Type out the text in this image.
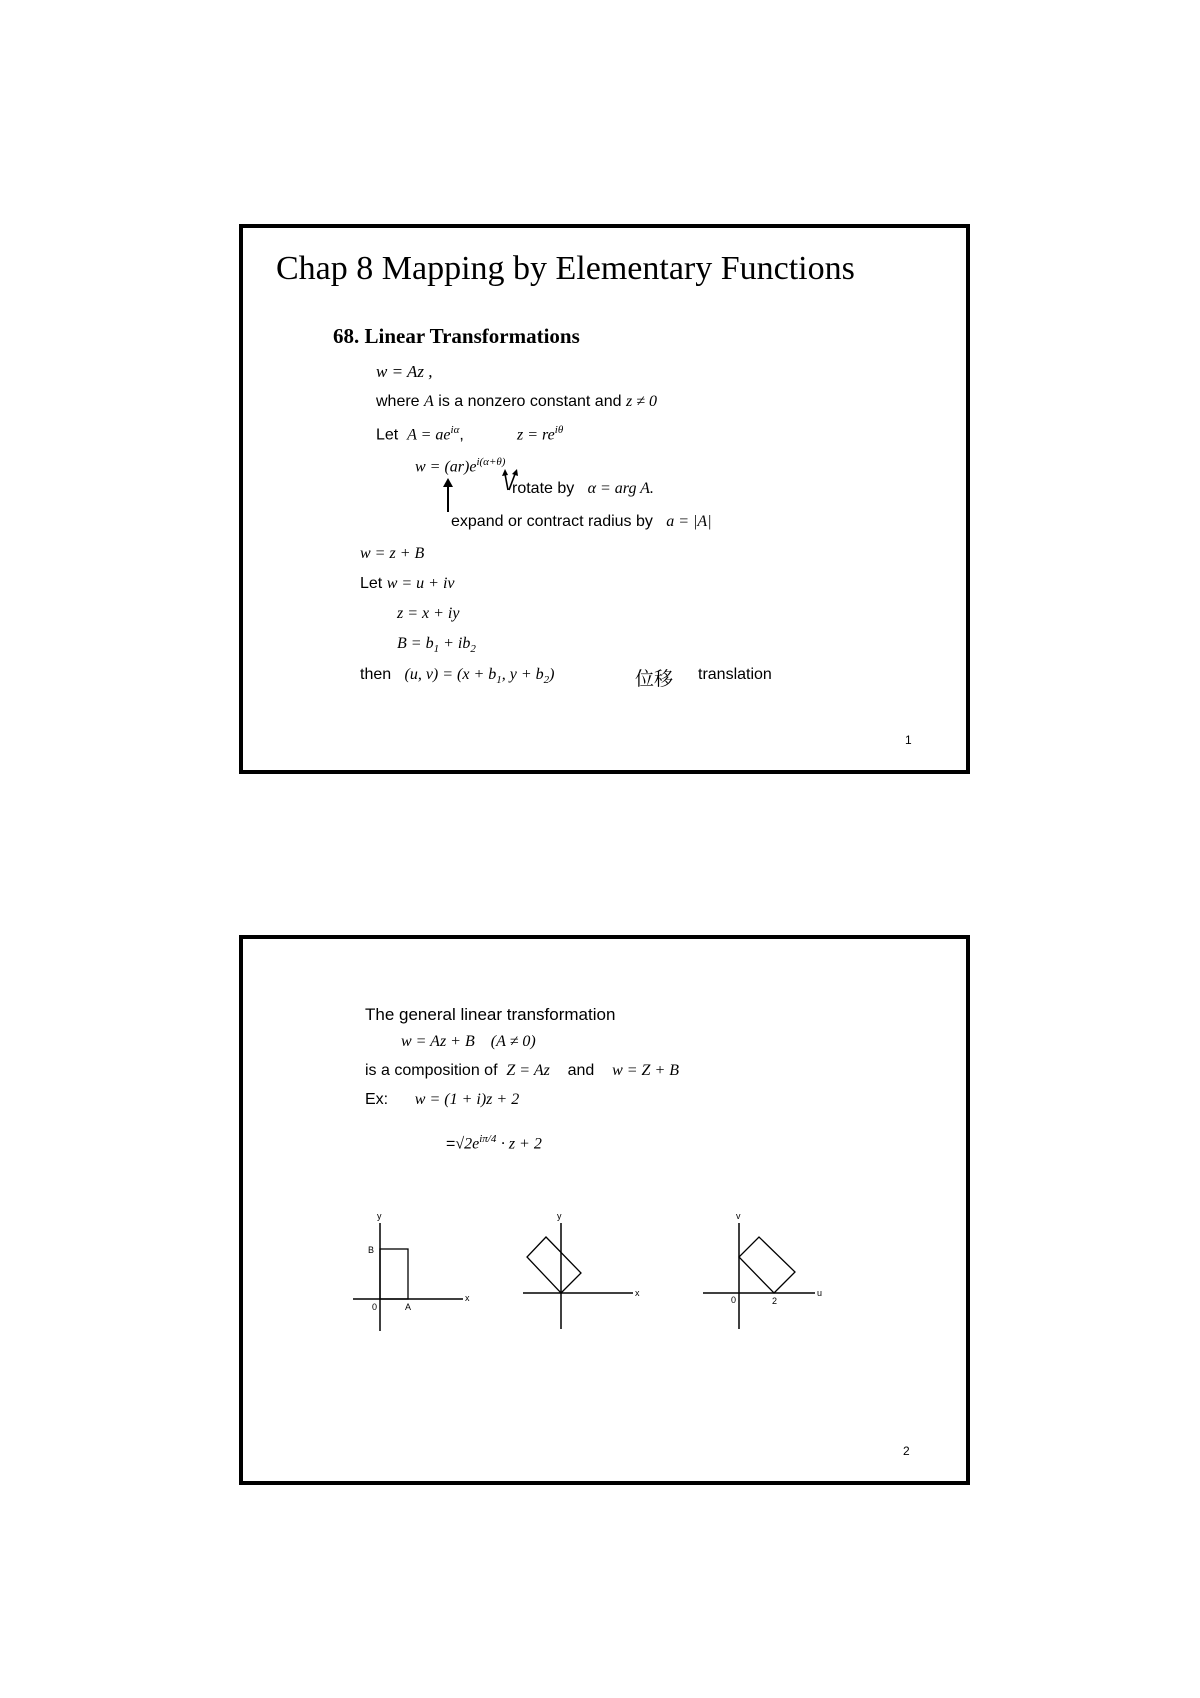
Chap 8 Mapping by Elementary Functions
68. Linear Transformations
w = Az ,
where A is a nonzero constant and z ≠ 0
Let $A = ae^{i\alpha}$,	$z = re^{i\theta}$
$w = (ar)e^{i(\alpha+\theta)}$
rotate by α = arg A.
expand or contract radius by a = |A|
w = z + B
Let w = u + iv
z = x + iy
$B = b_1 + ib_2$
then (u, $v) = (x + b_1$, $y + b_2$)	位移 translation
1
The general linear transformation
w = Az + B (A ≠ 0)
is a composition of Z = Az and w = Z + B
Ex: w = (1 + i)z + 2
$=√2e^{i\pi/4} \cdot z + 2$
y
B
0	A
x
y
x
v
0	2
u
2
